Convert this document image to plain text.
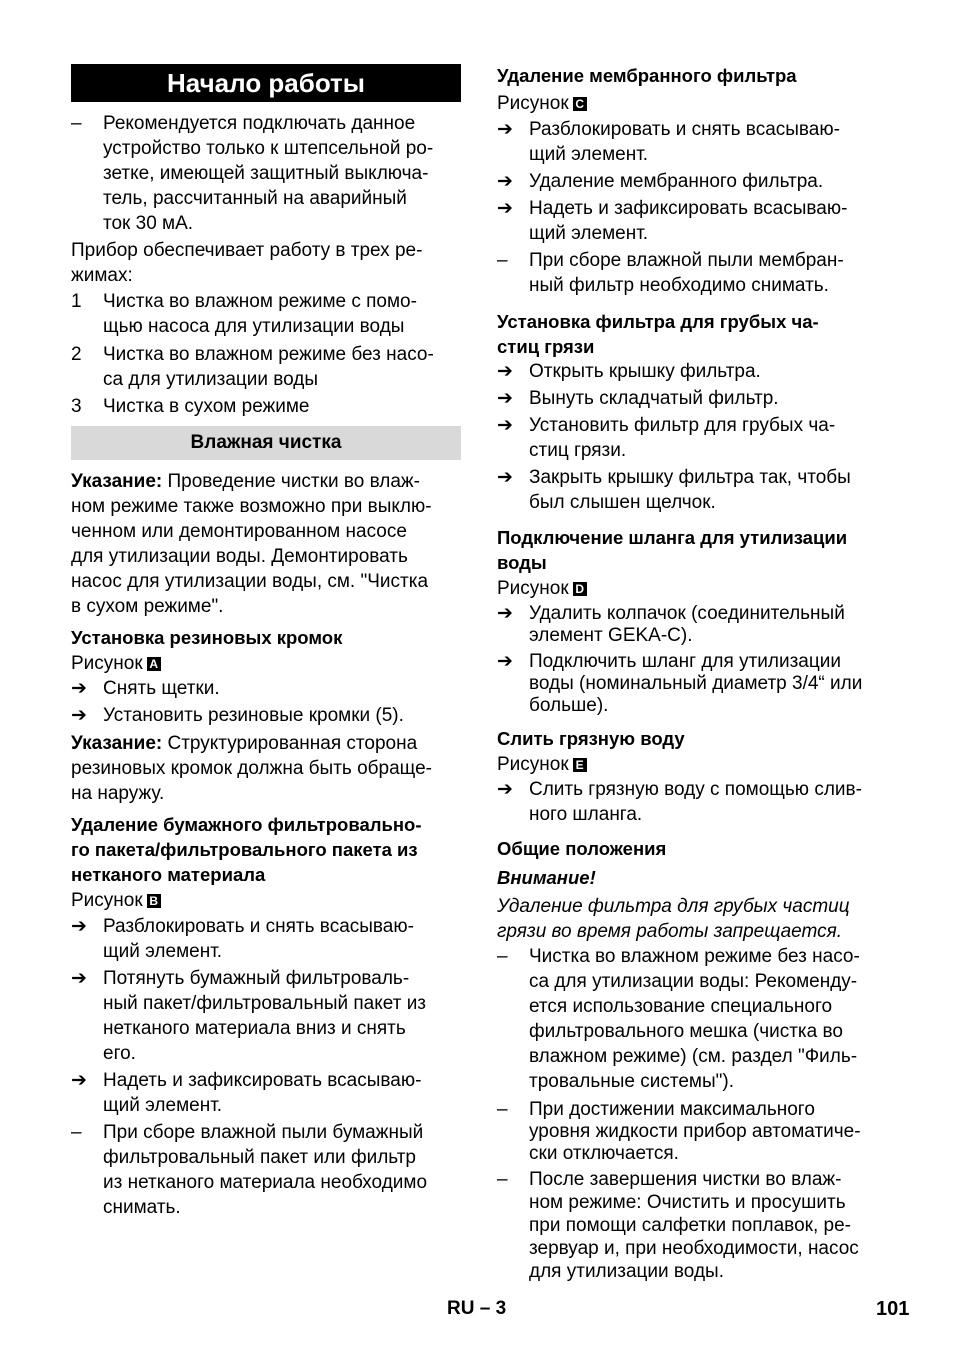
Начало работы
– Рекомендуется подключать данное
устройство только к штепсельной ро-
зетке, имеющей защитный выключа-
тель, рассчитанный на аварийный
ток 30 мА.
Прибор обеспечивает работу в трех ре-
жимах:
1 Чистка во влажном режиме с помо-
щью насоса для утилизации воды
2 Чистка во влажном режиме без насо-
са для утилизации воды
3 Чистка в сухом режиме
Влажная чистка
Указание: Проведение чистки во влаж-
ном режиме также возможно при выклю-
ченном или демонтированном насосе
для утилизации воды. Демонтировать
насос для утилизации воды, см. "Чистка
в сухом режиме".
Установка резиновых кромок
Рисунок A
➔ Снять щетки.
➔ Установить резиновые кромки (5).
Указание: Структурированная сторона
резиновых кромок должна быть обраще-
на наружу.
Удаление бумажного фильтровально-
го пакета/фильтровального пакета из
нетканого материала
Рисунок B
➔ Разблокировать и снять всасываю-
щий элемент.
➔ Потянуть бумажный фильтроваль-
ный пакет/фильтровальный пакет из
нетканого материала вниз и снять
его.
➔ Надеть и зафиксировать всасываю-
щий элемент.
– При сборе влажной пыли бумажный
фильтровальный пакет или фильтр
из нетканого материала необходимо
снимать.
Удаление мембранного фильтра
Рисунок C
➔ Разблокировать и снять всасываю-
щий элемент.
➔ Удаление мембранного фильтра.
➔ Надеть и зафиксировать всасываю-
щий элемент.
– При сборе влажной пыли мембран-
ный фильтр необходимо снимать.
Установка фильтра для грубых ча-
стиц грязи
➔ Открыть крышку фильтра.
➔ Вынуть складчатый фильтр.
➔ Установить фильтр для грубых ча-
стиц грязи.
➔ Закрыть крышку фильтра так, чтобы
был слышен щелчок.
Подключение шланга для утилизации
воды
Рисунок D
➔ Удалить колпачок (соединительный
элемент GEKA-C).
➔ Подключить шланг для утилизации
воды (номинальный диаметр 3/4“ или
больше).
Слить грязную воду
Рисунок E
➔ Слить грязную воду с помощью слив-
ного шланга.
Общие положения
Внимание!
Удаление фильтра для грубых частиц
грязи во время работы запрещается.
– Чистка во влажном режиме без насо-
са для утилизации воды: Рекоменду-
ется использование специального
фильтровального мешка (чистка во
влажном режиме) (см. раздел "Филь-
тровальные системы").
– При достижении максимального
уровня жидкости прибор автоматиче-
ски отключается.
– После завершения чистки во влаж-
ном режиме: Очистить и просушить
при помощи салфетки поплавок, ре-
зервуар и, при необходимости, насос
для утилизации воды.
RU – 3	101
